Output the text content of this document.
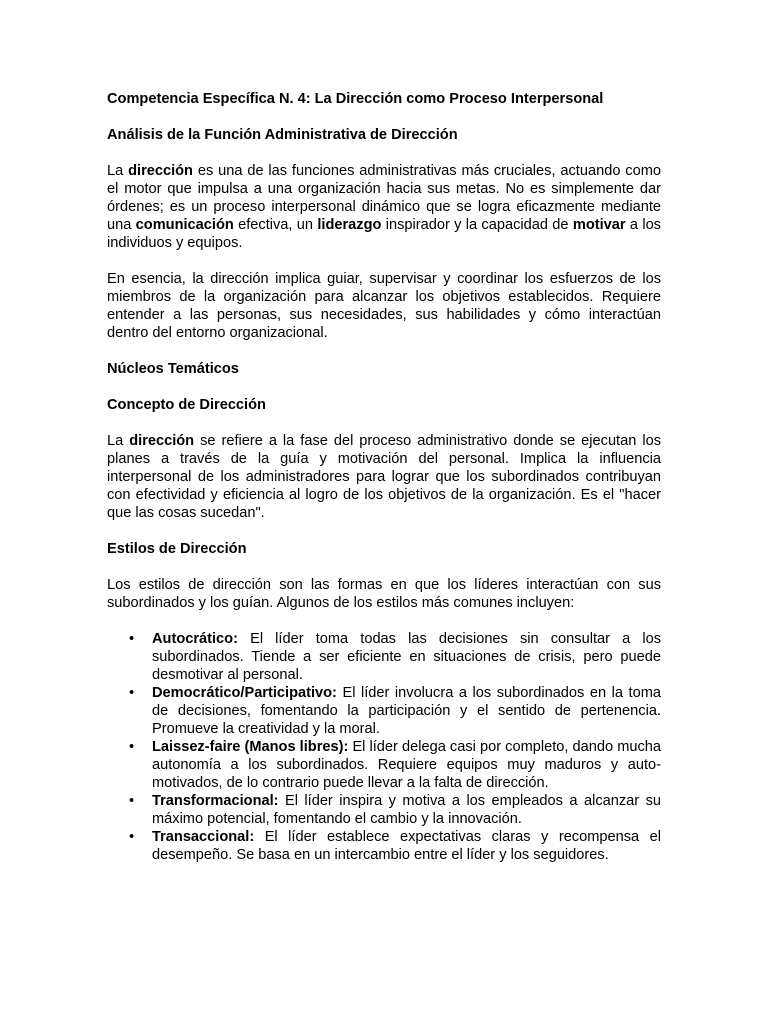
Competencia Específica N. 4: La Dirección como Proceso Interpersonal
Análisis de la Función Administrativa de Dirección

La dirección es una de las funciones administrativas más cruciales, actuando como el motor que impulsa a una organización hacia sus metas. No es simplemente dar órdenes; es un proceso interpersonal dinámico que se logra eficazmente mediante una comunicación efectiva, un liderazgo inspirador y la capacidad de motivar a los individuos y equipos.

En esencia, la dirección implica guiar, supervisar y coordinar los esfuerzos de los miembros de la organización para alcanzar los objetivos establecidos. Requiere entender a las personas, sus necesidades, sus habilidades y cómo interactúan dentro del entorno organizacional.

Núcleos Temáticos
Concepto de Dirección

La dirección se refiere a la fase del proceso administrativo donde se ejecutan los planes a través de la guía y motivación del personal. Implica la influencia interpersonal de los administradores para lograr que los subordinados contribuyan con efectividad y eficiencia al logro de los objetivos de la organización. Es el "hacer que las cosas sucedan".

Estilos de Dirección

Los estilos de dirección son las formas en que los líderes interactúan con sus subordinados y los guían. Algunos de los estilos más comunes incluyen:

• Autocrático: El líder toma todas las decisiones sin consultar a los subordinados. Tiende a ser eficiente en situaciones de crisis, pero puede desmotivar al personal.
• Democrático/Participativo: El líder involucra a los subordinados en la toma de decisiones, fomentando la participación y el sentido de pertenencia. Promueve la creatividad y la moral.
• Laissez-faire (Manos libres): El líder delega casi por completo, dando mucha autonomía a los subordinados. Requiere equipos muy maduros y auto-motivados, de lo contrario puede llevar a la falta de dirección.
• Transformacional: El líder inspira y motiva a los empleados a alcanzar su máximo potencial, fomentando el cambio y la innovación.
• Transaccional: El líder establece expectativas claras y recompensa el desempeño. Se basa en un intercambio entre el líder y los seguidores.
